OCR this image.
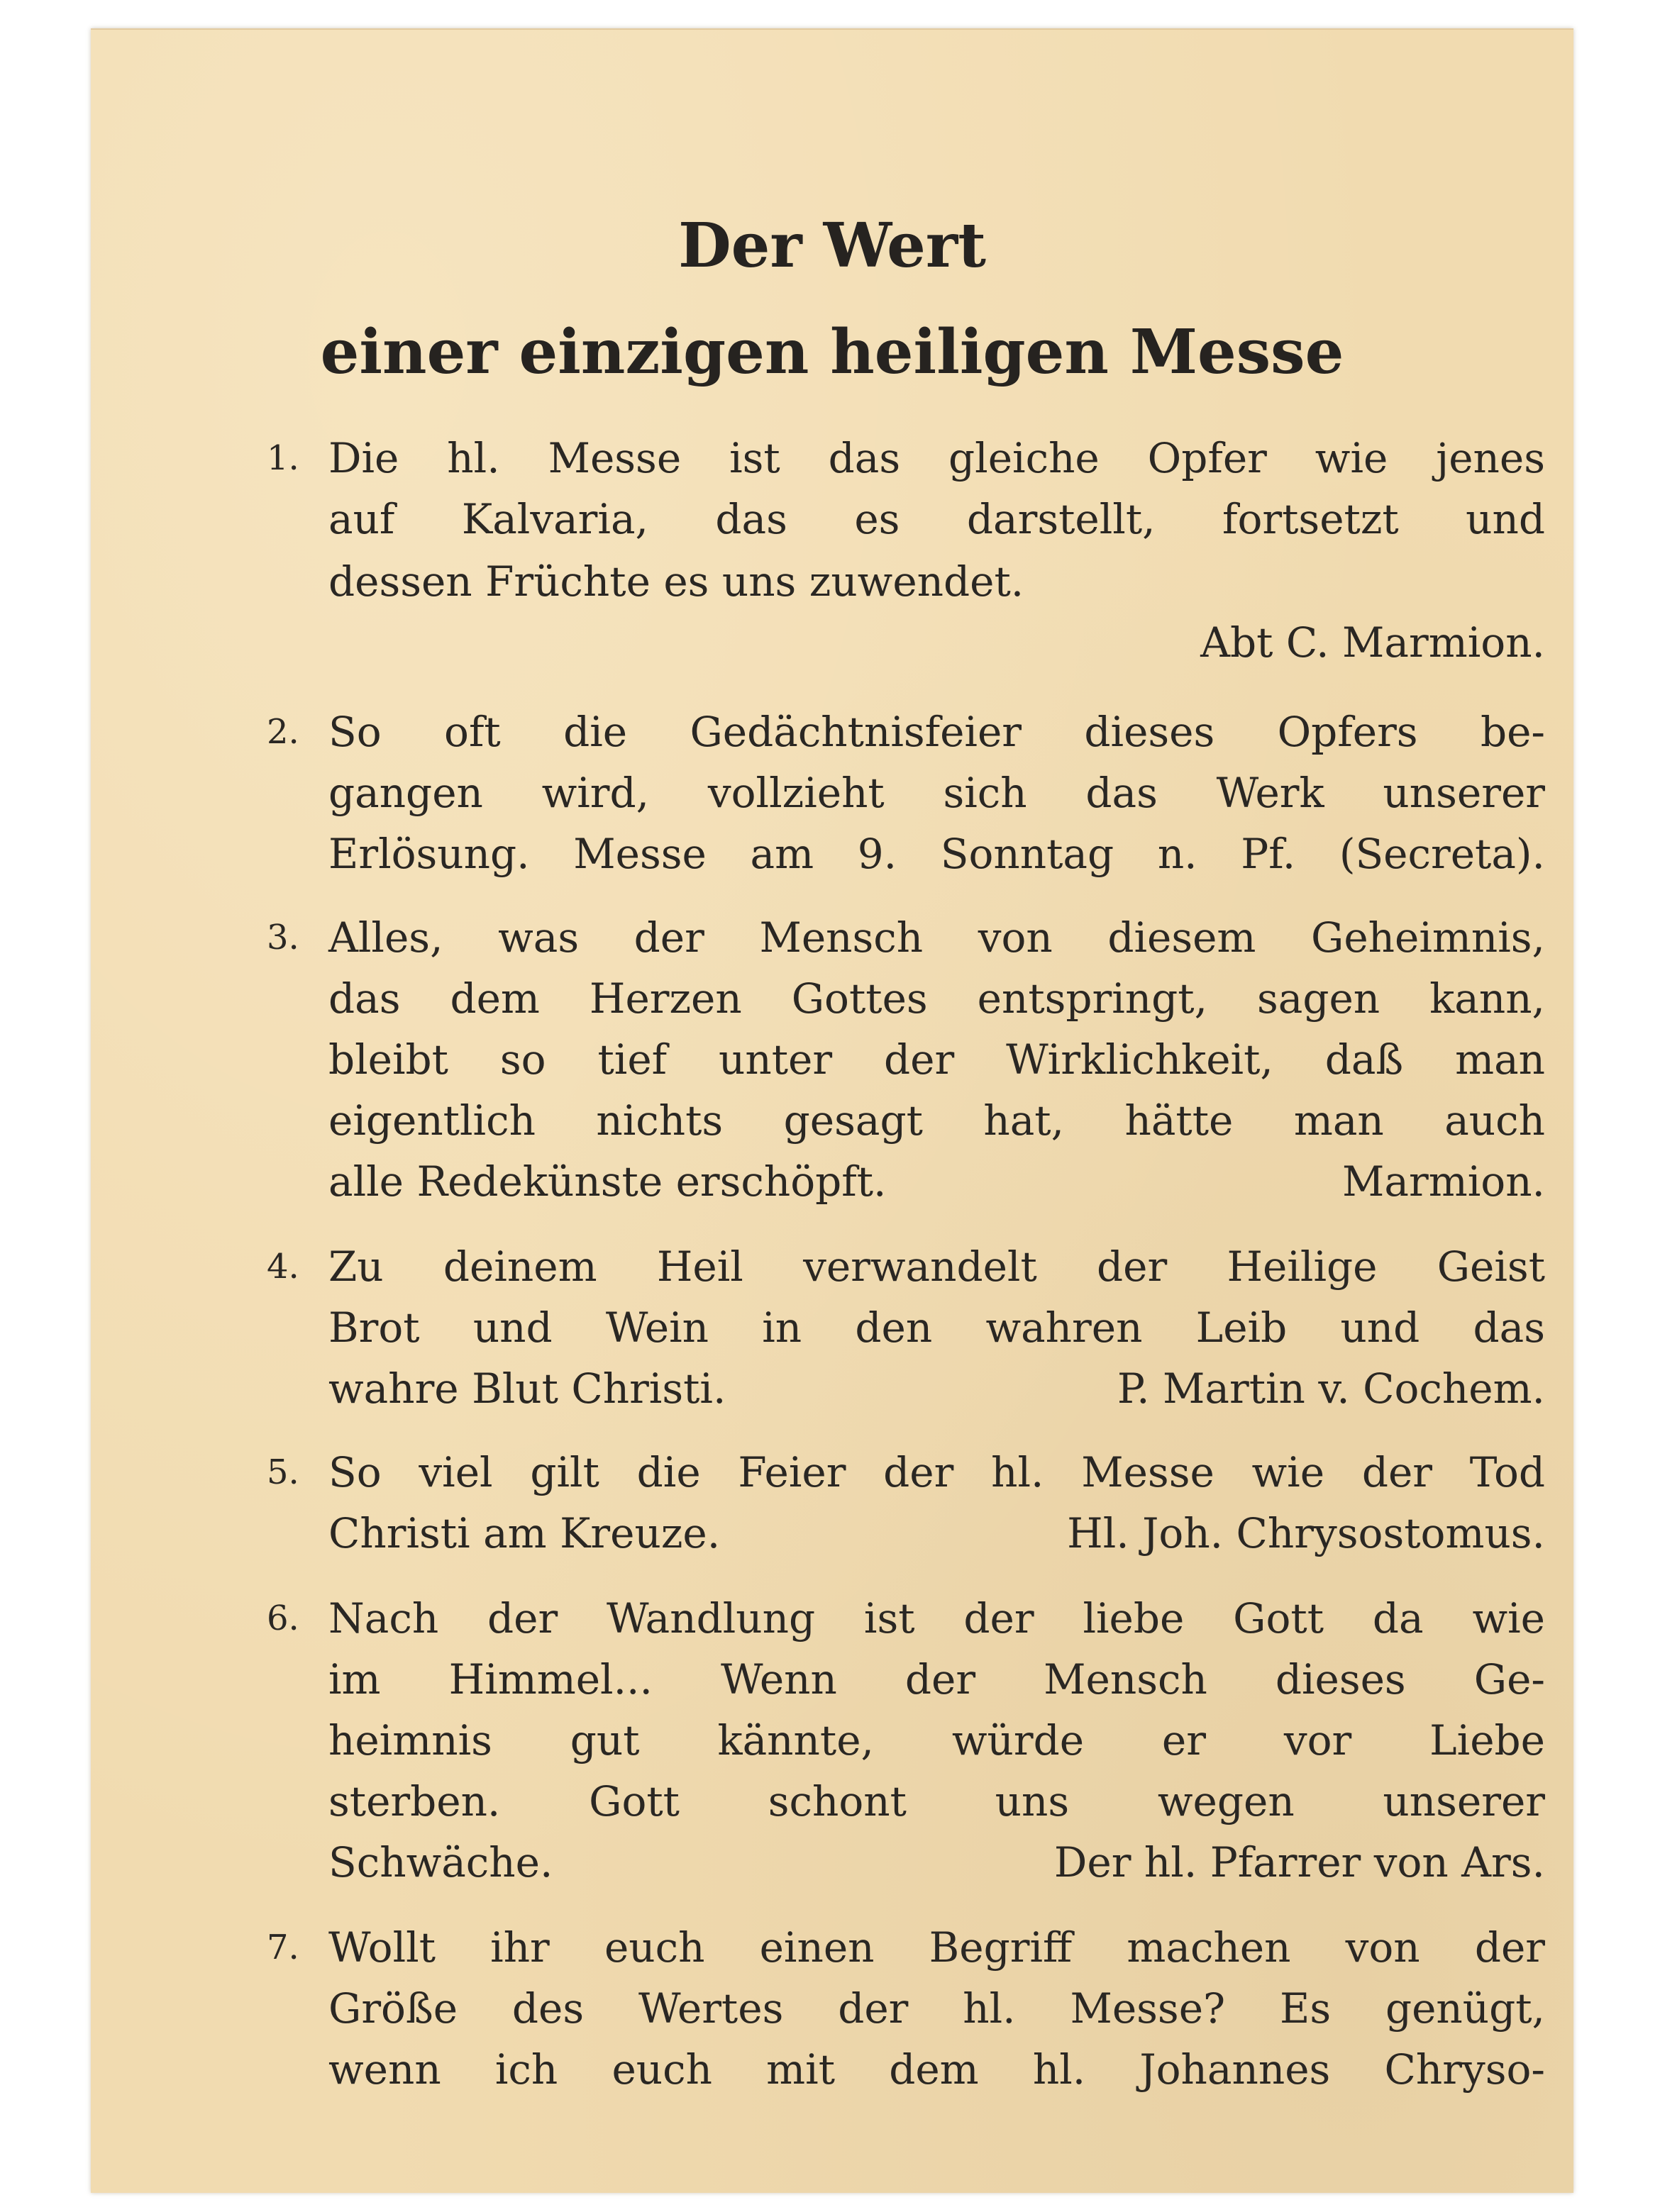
Der Wert
einer einzigen heiligen Messe
1. Die hl. Messe ist das gleiche Opfer wie jenes
auf Kalvaria, das es darstellt, fortsetzt und
dessen Früchte es uns zuwendet.
Abt C. Marmion.
2. So oft die Gedächtnisfeier dieses Opfers be-
gangen wird, vollzieht sich das Werk unserer
Erlösung. Messe am 9. Sonntag n. Pf. (Secreta).
3. Alles, was der Mensch von diesem Geheimnis,
das dem Herzen Gottes entspringt, sagen kann,
bleibt so tief unter der Wirklichkeit, daß man
eigentlich nichts gesagt hat, hätte man auch
alle Redekünste erschöpft.	Marmion.
4. Zu deinem Heil verwandelt der Heilige Geist
Brot und Wein in den wahren Leib und das
wahre Blut Christi.	P. Martin v. Cochem.
5. So viel gilt die Feier der hl. Messe wie der Tod
Christi am Kreuze.	Hl. Joh. Chrysostomus.
6. Nach der Wandlung ist der liebe Gott da wie
im Himmel... Wenn der Mensch dieses Ge-
heimnis gut kännte, würde er vor Liebe
sterben. Gott schont uns wegen unserer
Schwäche.	Der hl. Pfarrer von Ars.
7. Wollt ihr euch einen Begriff machen von der
Größe des Wertes der hl. Messe? Es genügt,
wenn ich euch mit dem hl. Johannes Chryso-
